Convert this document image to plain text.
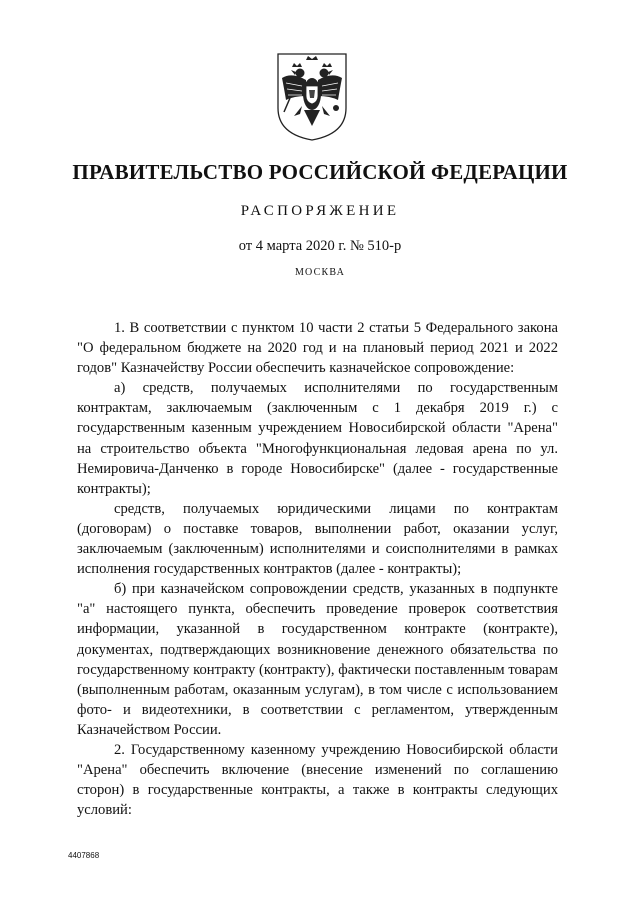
ПРАВИТЕЛЬСТВО РОССИЙСКОЙ ФЕДЕРАЦИИ
РАСПОРЯЖЕНИЕ
от 4 марта 2020 г. № 510-р
МОСКВА

1. В соответствии с пунктом 10 части 2 статьи 5 Федерального закона "О федеральном бюджете на 2020 год и на плановый период 2021 и 2022 годов" Казначейству России обеспечить казначейское сопровождение:

а) средств, получаемых исполнителями по государственным контрактам, заключаемым (заключенным с 1 декабря 2019 г.) с государственным казенным учреждением Новосибирской области "Арена" на строительство объекта "Многофункциональная ледовая арена по ул. Немировича-Данченко в городе Новосибирске" (далее - государственные контракты);

средств, получаемых юридическими лицами по контрактам (договорам) о поставке товаров, выполнении работ, оказании услуг, заключаемым (заключенным) исполнителями и соисполнителями в рамках исполнения государственных контрактов (далее - контракты);

б) при казначейском сопровождении средств, указанных в подпункте "а" настоящего пункта, обеспечить проведение проверок соответствия информации, указанной в государственном контракте (контракте), документах, подтверждающих возникновение денежного обязательства по государственному контракту (контракту), фактически поставленным товарам (выполненным работам, оказанным услугам), в том числе с использованием фото- и видеотехники, в соответствии с регламентом, утвержденным Казначейством России.

2. Государственному казенному учреждению Новосибирской области "Арена" обеспечить включение (внесение изменений по соглашению сторон) в государственные контракты, а также в контракты следующих условий:

4407868
